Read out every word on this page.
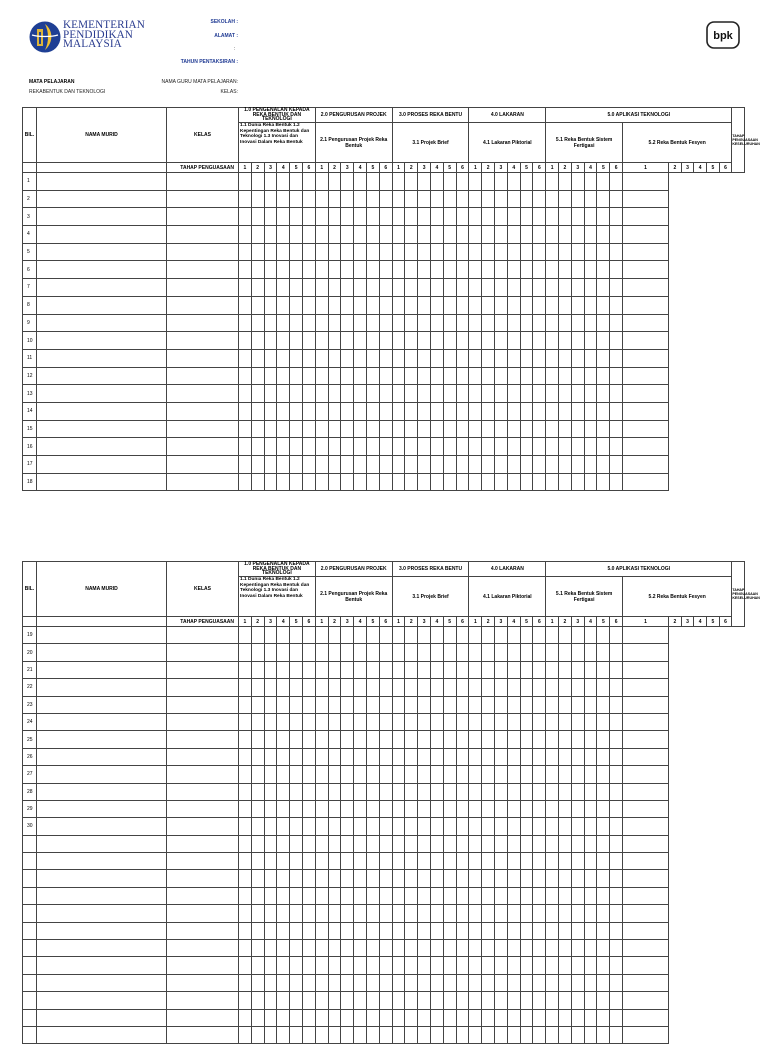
KEMENTERIAN
PENDIDIKAN
MALAYSIA
bpk
SEKOLAH :
ALAMAT :
:
TAHUN PENTAKSIRAN :
MATA PELAJARAN
REKABENTUK DAN TEKNOLOGI
NAMA GURU MATA PELAJARAN:
KELAS:
BIL.	NAMA MURID	KELAS	1.0 PENGENALAN KEPADA REKA BENTUK DAN TEKNOLOGI						2.0 PENGURUSAN PROJEK						3.0 PROSES REKA BENTU						4.0 LAKARAN						5.0 APLIKASI TEKNOLOGI												TAHAP PENGUASAAN KESELURUHAN
			1.1 Dunia Reka Bentuk 1.2 Kepentingan Reka Bentuk dan Teknologi 1.3 Inovasi dan Inovasi Dalam Reka Bentuk						2.1 Pengurusan Projek Reka Bentuk						3.1 Projek Brief						4.1 Lakaran Piktorial						5.1 Reka Bentuk Sistem Fertigasi						5.2 Reka Bentuk Fesyen						
		TAHAP PENGUASAAN	1	2	3	4	5	6	1	2	3	4	5	6	1	2	3	4	5	6	1	2	3	4	5	6	1	2	3	4	5	6	1	2	3	4	5	6	
1																																							
2																																							
3																																							
4																																							
5																																							
6																																							
7																																							
8																																							
9																																							
10																																							
11																																							
12																																							
13																																							
14																																							
15																																							
16																																							
17																																							
18																																							
BIL.	NAMA MURID	KELAS	1.0 PENGENALAN KEPADA REKA BENTUK DAN TEKNOLOGI						2.0 PENGURUSAN PROJEK						3.0 PROSES REKA BENTU						4.0 LAKARAN						5.0 APLIKASI TEKNOLOGI												TAHAP PENGUASAAN KESELURUHAN
			1.1 Dunia Reka Bentuk 1.2 Kepentingan Reka Bentuk dan Teknologi 1.3 Inovasi dan Inovasi Dalam Reka Bentuk						2.1 Pengurusan Projek Reka Bentuk						3.1 Projek Brief						4.1 Lakaran Piktorial						5.1 Reka Bentuk Sistem Fertigasi						5.2 Reka Bentuk Fesyen						
		TAHAP PENGUASAAN	1	2	3	4	5	6	1	2	3	4	5	6	1	2	3	4	5	6	1	2	3	4	5	6	1	2	3	4	5	6	1	2	3	4	5	6	
19																																							
20																																							
21																																							
22																																							
23																																							
24																																							
25																																							
26																																							
27																																							
28																																							
29																																							
30																																							
